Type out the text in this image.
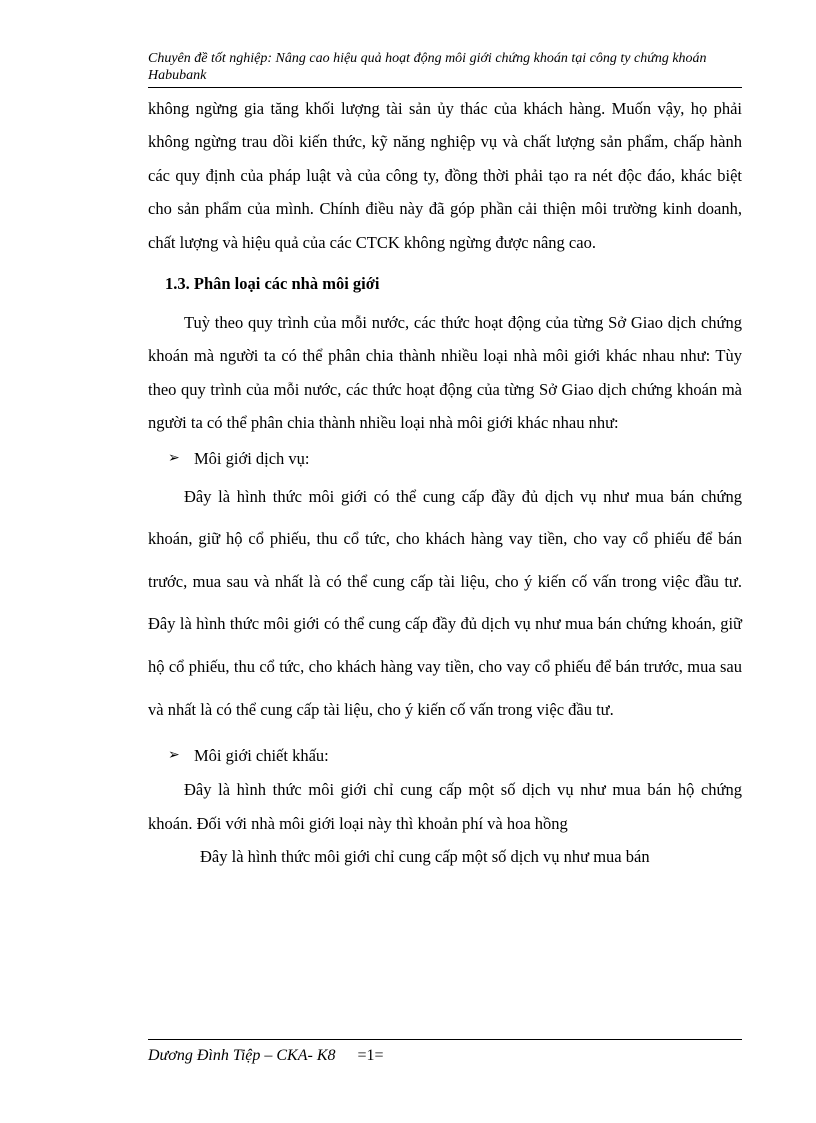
Chuyên đề tốt nghiệp: Nâng cao hiệu quả hoạt động môi giới chứng khoán tại công ty chứng khoán Habubank

không ngừng gia tăng khối lượng tài sản ủy thác của khách hàng. Muốn vậy, họ phải không ngừng trau dồi kiến thức, kỹ năng nghiệp vụ và chất lượng sản phẩm, chấp hành các quy định của pháp luật và của công ty, đồng thời phải tạo ra nét độc đáo, khác biệt cho sản phẩm của mình. Chính điều này đã góp phần cải thiện môi trường kinh doanh, chất lượng và hiệu quả của các CTCK không ngừng được nâng cao.

1.3. Phân loại các nhà môi giới

Tuỳ theo quy trình của mỗi nước, các thức hoạt động của từng Sở Giao dịch chứng khoán mà người ta có thể phân chia thành nhiều loại nhà môi giới khác nhau như: Tùy theo quy trình của mỗi nước, các thức hoạt động của từng Sở Giao dịch chứng khoán mà người ta có thể phân chia thành nhiều loại nhà môi giới khác nhau như:

➢ Môi giới dịch vụ:

Đây là hình thức môi giới có thể cung cấp đầy đủ dịch vụ như mua bán chứng khoán, giữ hộ cổ phiếu, thu cổ tức, cho khách hàng vay tiền, cho vay cổ phiếu để bán trước, mua sau và nhất là có thể cung cấp tài liệu, cho ý kiến cố vấn trong việc đầu tư. Đây là hình thức môi giới có thể cung cấp đầy đủ dịch vụ như mua bán chứng khoán, giữ hộ cổ phiếu, thu cổ tức, cho khách hàng vay tiền, cho vay cổ phiếu để bán trước, mua sau và nhất là có thể cung cấp tài liệu, cho ý kiến cố vấn trong việc đầu tư.

➢ Môi giới chiết khấu:

Đây là hình thức môi giới chỉ cung cấp một số dịch vụ như mua bán hộ chứng khoán. Đối với nhà môi giới loại này thì khoản phí và hoa hồng

Đây là hình thức môi giới chỉ cung cấp một số dịch vụ như mua bán

Dương Đình Tiệp – CKA- K8 =1=
